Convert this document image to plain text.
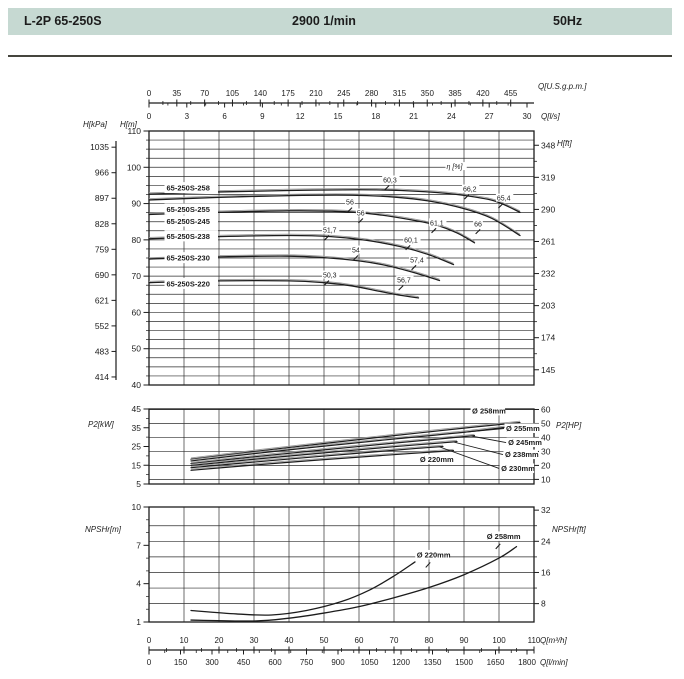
L-2P 65-250S	2900 1/min	50Hz
0	35 70 105 140 175 210 245 280 315 350 385 420 455
0	3	6	9	12	15	18	21	24	27	30
Q[U.S.g.p.m.]
Q[l/s]
H[m]
110
100
90
80
70
60
50
40
H[kPa]
1035
966
897
828
759
690
621
552
483
414
H[ft]
348
319
290
261
232
203
174
145
65-250S-258
65-250S-255
65-250S-245
65-250S-238
65-250S-230
65-250S-220
η [%]
60,3
66,2
65,4
56
56
61,1	66
60,1
54
57,4
51,7
50,3
56,7
P2[kW]
45
35
25
15
5
P2[HP]
60
50
40
30
20
10
Ø 258mm
Ø 255mm
Ø 245mm
Ø 238mm
Ø 230mm
Ø 220mm
NPSHr[m]
10
7
4
1
NPSHr[ft]
32
24
16
8
Ø 258mm
Ø 220mm
0	10	20	30	40	50	60	70	80	90	100	110
0	150 300 450 600 750 900 1050 1200 1350 1500 1650 1800
Q[m³/h]
Q[l/min]
